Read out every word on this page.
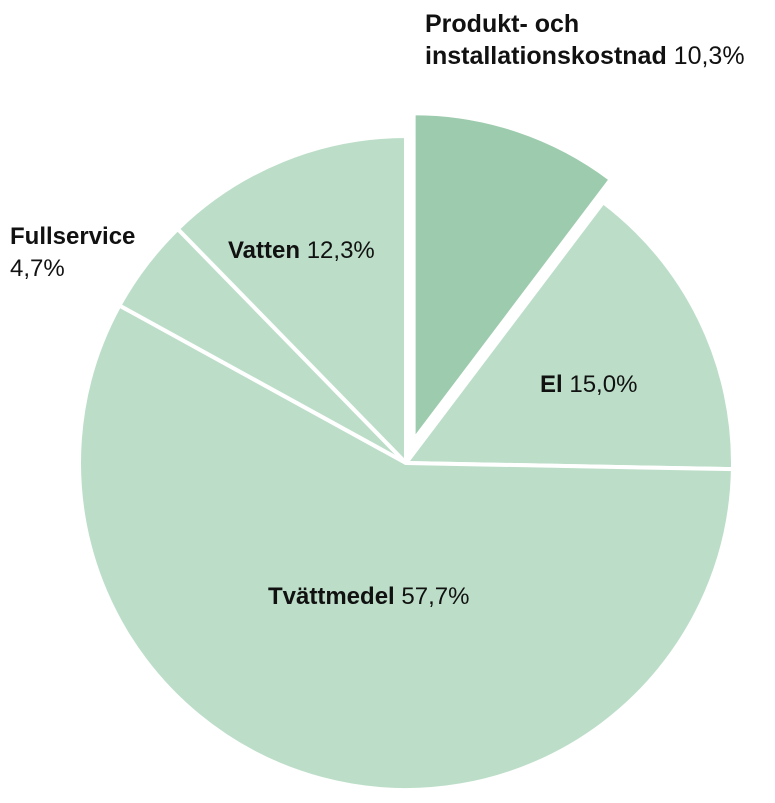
Produkt- och
installationskostnad 10,3%
El 15,0%
Tvättmedel 57,7%
Fullservice
4,7%
Vatten 12,3%
